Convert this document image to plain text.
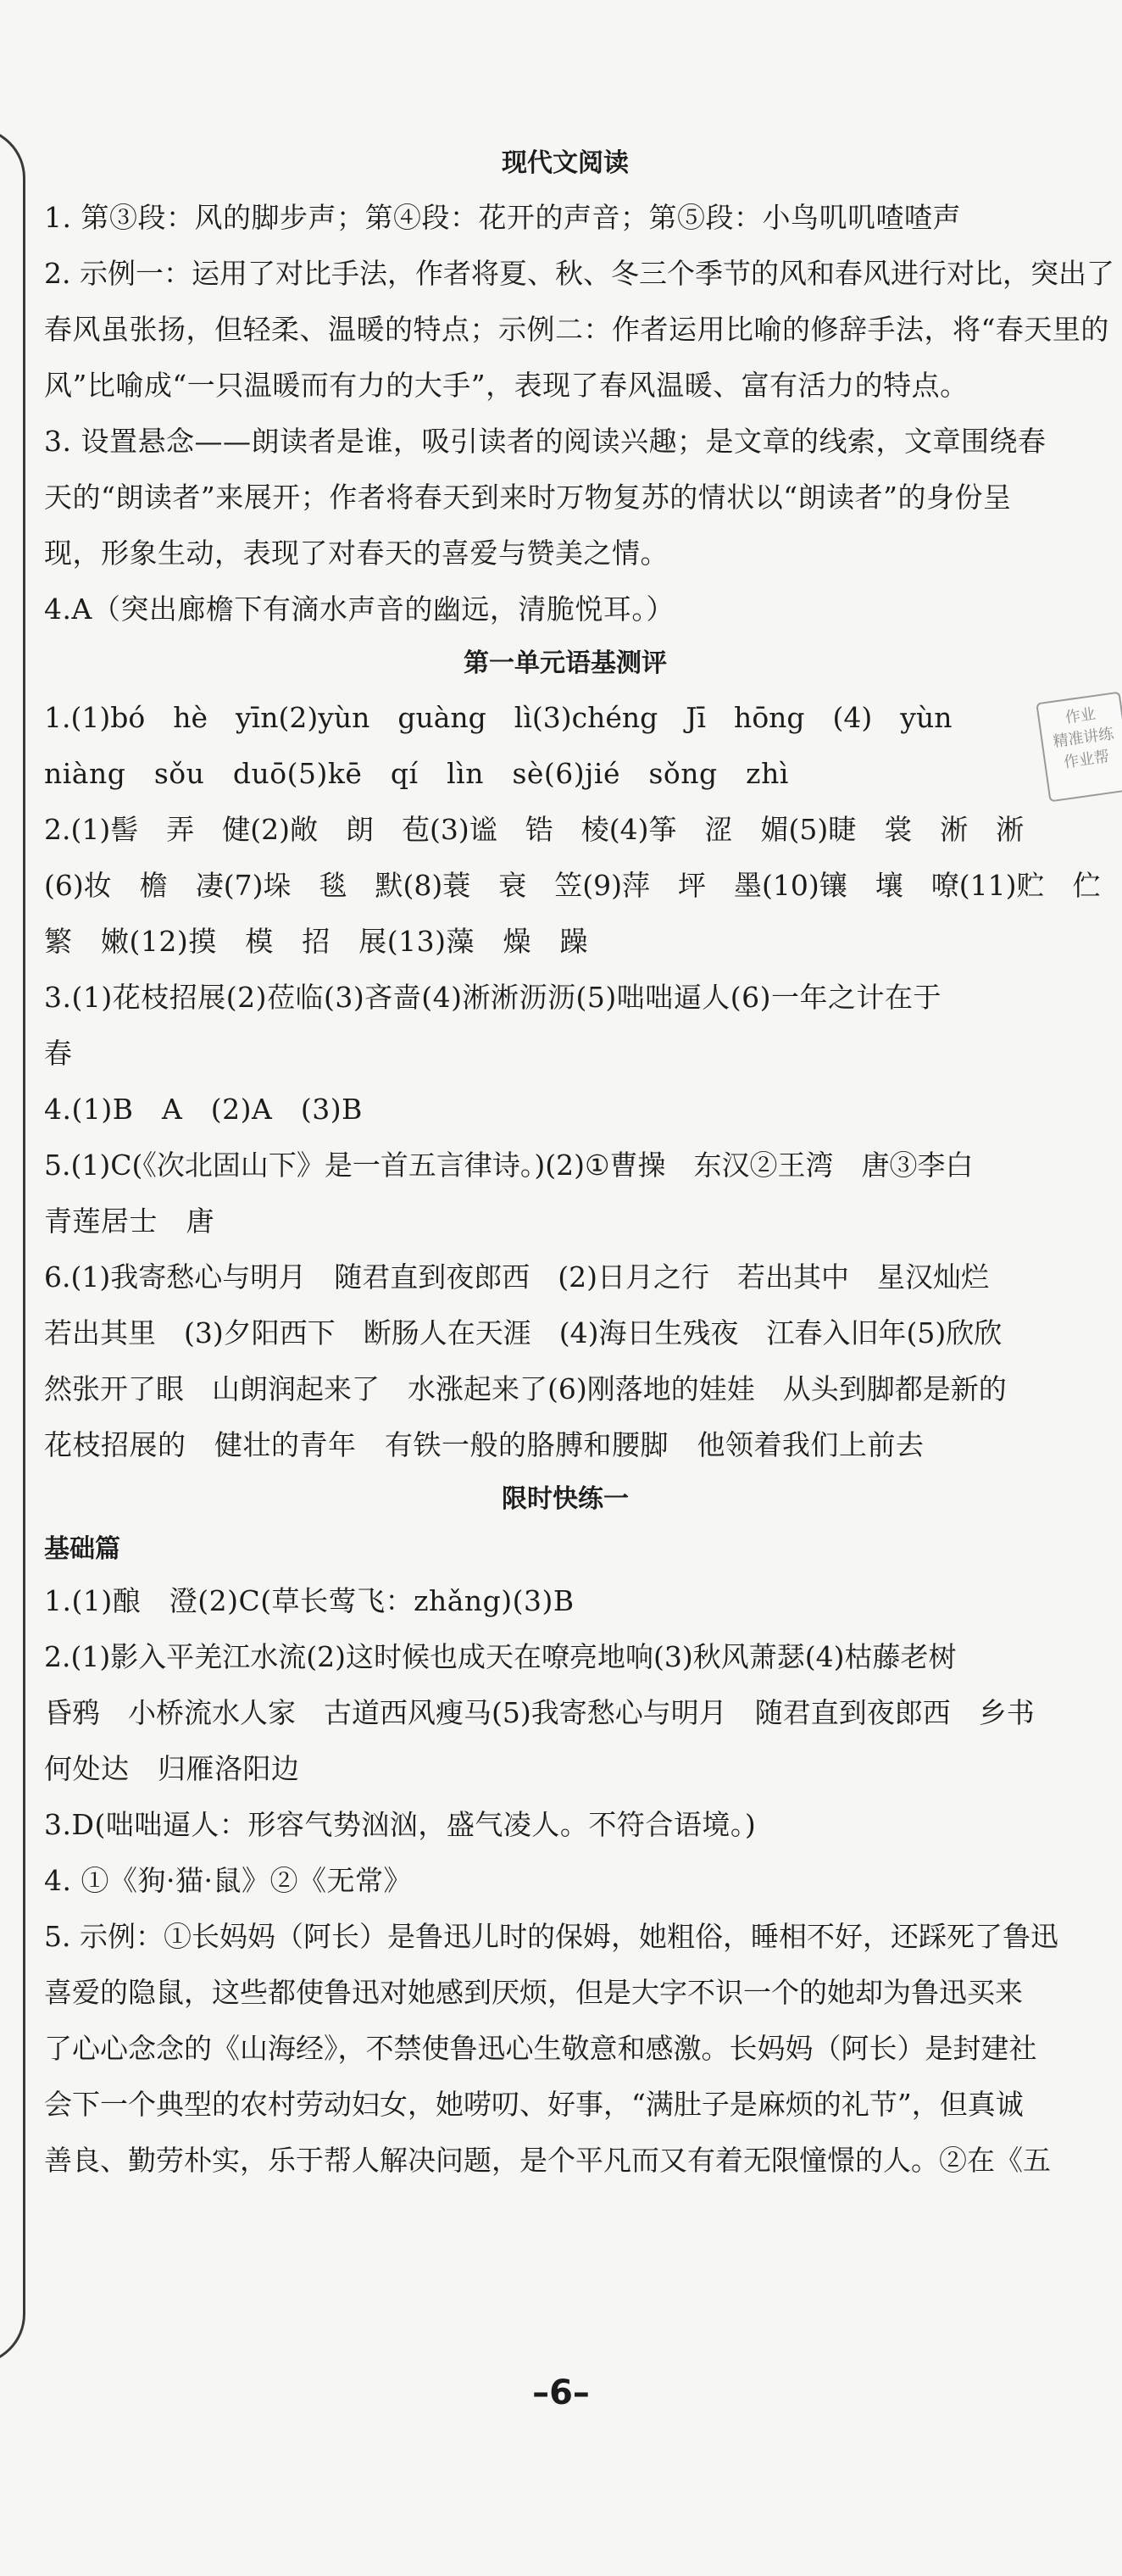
作业
精准讲练
作业帮
现代文阅读
1. 第③段：风的脚步声；第④段：花开的声音；第⑤段：小鸟叽叽喳喳声
2. 示例一：运用了对比手法，作者将夏、秋、冬三个季节的风和春风进行对比，突出了
春风虽张扬，但轻柔、温暖的特点；示例二：作者运用比喻的修辞手法，将“春天里的
风”比喻成“一只温暖而有力的大手”，表现了春风温暖、富有活力的特点。
3. 设置悬念——朗读者是谁，吸引读者的阅读兴趣；是文章的线索，文章围绕春
天的“朗读者”来展开；作者将春天到来时万物复苏的情状以“朗读者”的身份呈
现，形象生动，表现了对春天的喜爱与赞美之情。
4.A（突出廊檐下有滴水声音的幽远，清脆悦耳。）
第一单元语基测评
1.(1)bó　hè　yīn(2)yùn　guàng　lì(3)chéng　Jī　hōng　(4)　yùn
niàng　sǒu　duō(5)kē　qí　lìn　sè(6)jié　sǒng　zhì
2.(1)髻　弄　健(2)敞　朗　苞(3)谧　锆　棱(4)筝　涩　媚(5)睫　裳　淅　淅
(6)妆　檐　凄(7)垛　毯　默(8)蓑　衰　笠(9)萍　坪　墨(10)镶　壤　嘹(11)贮　伫
繁　嫩(12)摸　模　招　展(13)藻　燥　躁
3.(1)花枝招展(2)莅临(3)吝啬(4)淅淅沥沥(5)咄咄逼人(6)一年之计在于
春
4.(1)B　A　(2)A　(3)B
5.(1)C(《次北固山下》是一首五言律诗。)(2)①曹操　东汉②王湾　唐③李白
青莲居士　唐
6.(1)我寄愁心与明月　随君直到夜郎西　(2)日月之行　若出其中　星汉灿烂
若出其里　(3)夕阳西下　断肠人在天涯　(4)海日生残夜　江春入旧年(5)欣欣
然张开了眼　山朗润起来了　水涨起来了(6)刚落地的娃娃　从头到脚都是新的
花枝招展的　健壮的青年　有铁一般的胳膊和腰脚　他领着我们上前去
限时快练一
基础篇
1.(1)酿　澄(2)C(草长莺飞：zhǎng)(3)B
2.(1)影入平羌江水流(2)这时候也成天在嘹亮地响(3)秋风萧瑟(4)枯藤老树
昏鸦　小桥流水人家　古道西风瘦马(5)我寄愁心与明月　随君直到夜郎西　乡书
何处达　归雁洛阳边
3.D(咄咄逼人：形容气势汹汹，盛气凌人。不符合语境。)
4. ①《狗·猫·鼠》②《无常》
5. 示例：①长妈妈（阿长）是鲁迅儿时的保姆，她粗俗，睡相不好，还踩死了鲁迅
喜爱的隐鼠，这些都使鲁迅对她感到厌烦，但是大字不识一个的她却为鲁迅买来
了心心念念的《山海经》，不禁使鲁迅心生敬意和感激。长妈妈（阿长）是封建社
会下一个典型的农村劳动妇女，她唠叨、好事，“满肚子是麻烦的礼节”，但真诚
善良、勤劳朴实，乐于帮人解决问题，是个平凡而又有着无限憧憬的人。②在《五
–6–
